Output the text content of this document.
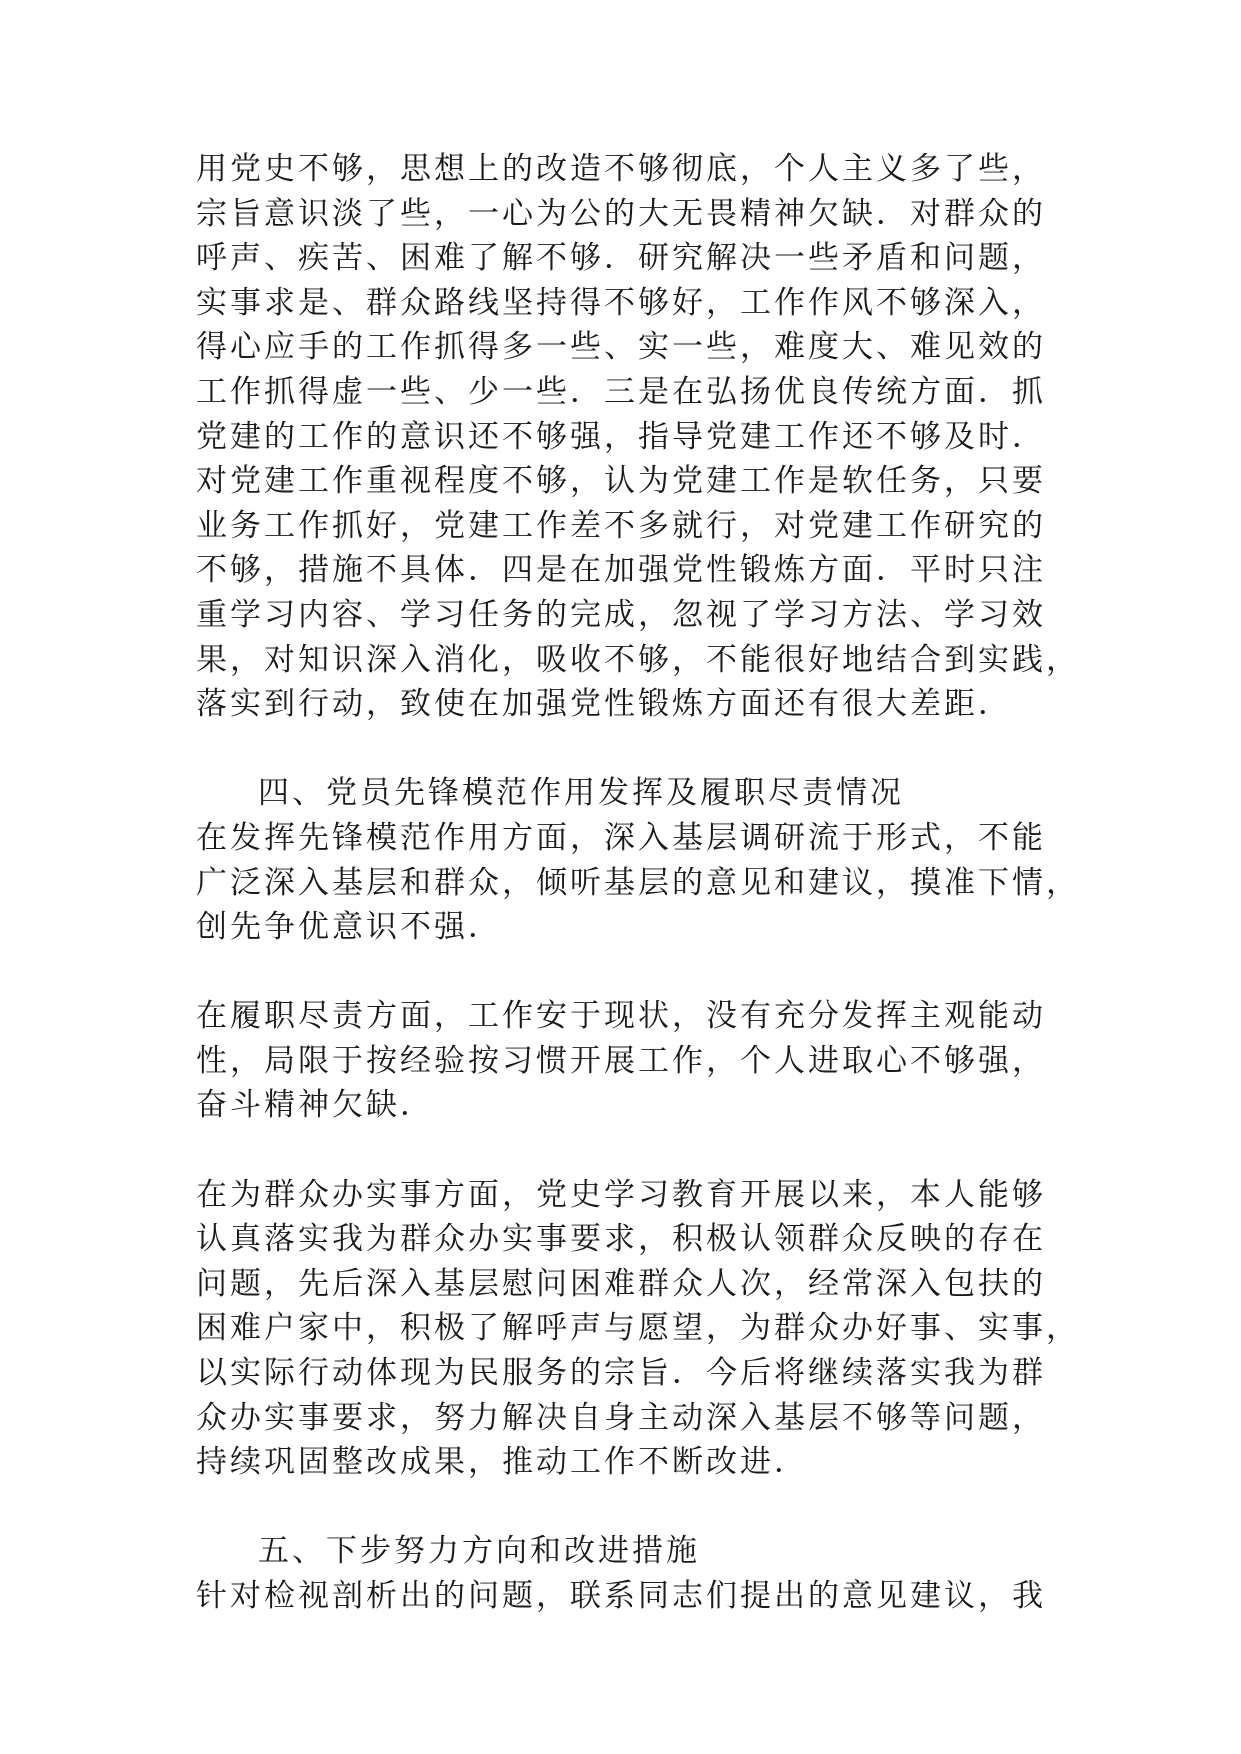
用党史不够，思想上的改造不够彻底，个人主义多了些，
宗旨意识淡了些，一心为公的大无畏精神欠缺．对群众的
呼声、疾苦、困难了解不够．研究解决一些矛盾和问题，
实事求是、群众路线坚持得不够好，工作作风不够深入，
得心应手的工作抓得多一些、实一些，难度大、难见效的
工作抓得虚一些、少一些．三是在弘扬优良传统方面．抓
党建的工作的意识还不够强，指导党建工作还不够及时．
对党建工作重视程度不够，认为党建工作是软任务，只要
业务工作抓好，党建工作差不多就行，对党建工作研究的
不够，措施不具体．四是在加强党性锻炼方面．平时只注
重学习内容、学习任务的完成，忽视了学习方法、学习效
果，对知识深入消化，吸收不够，不能很好地结合到实践，
落实到行动，致使在加强党性锻炼方面还有很大差距．
四、党员先锋模范作用发挥及履职尽责情况
在发挥先锋模范作用方面，深入基层调研流于形式，不能
广泛深入基层和群众，倾听基层的意见和建议，摸准下情，
创先争优意识不强．
在履职尽责方面，工作安于现状，没有充分发挥主观能动
性，局限于按经验按习惯开展工作，个人进取心不够强，
奋斗精神欠缺．
在为群众办实事方面，党史学习教育开展以来，本人能够
认真落实我为群众办实事要求，积极认领群众反映的存在
问题，先后深入基层慰问困难群众人次，经常深入包扶的
困难户家中，积极了解呼声与愿望，为群众办好事、实事，
以实际行动体现为民服务的宗旨．今后将继续落实我为群
众办实事要求，努力解决自身主动深入基层不够等问题，
持续巩固整改成果，推动工作不断改进．
五、下步努力方向和改进措施
针对检视剖析出的问题，联系同志们提出的意见建议，我
